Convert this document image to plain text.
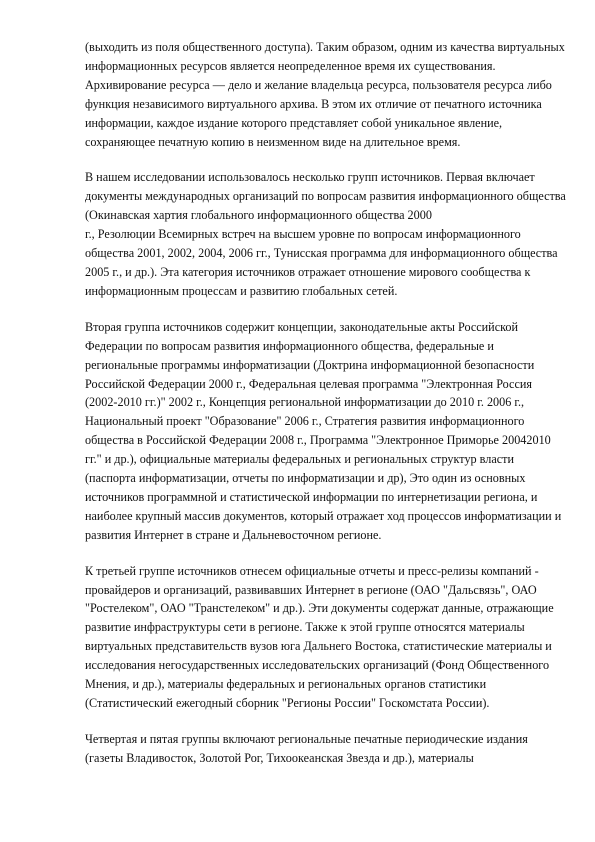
(выходить из поля общественного доступа). Таким образом, одним из качества виртуальных
информационных ресурсов является неопределенное время их существования.
Архивирование ресурса — дело и желание владельца ресурса, пользователя ресурса либо
функция независимого виртуального архива. В этом их отличие от печатного источника
информации, каждое издание которого представляет собой уникальное явление,
сохраняющее печатную копию в неизменном виде на длительное время.
В нашем исследовании использовалось несколько групп источников. Первая включает
документы международных организаций по вопросам развития информационного общества
(Окинавская хартия глобального информационного общества 2000
г., Резолюции Всемирных встреч на высшем уровне по вопросам информационного
общества 2001, 2002, 2004, 2006 гг., Тунисская программа для информационного общества
2005 г., и др.). Эта категория источников отражает отношение мирового сообщества к
информационным процессам и развитию глобальных сетей.
Вторая группа источников содержит концепции, законодательные акты Российской
Федерации по вопросам развития информационного общества, федеральные и
региональные программы информатизации (Доктрина информационной безопасности
Российской Федерации 2000 г., Федеральная целевая программа "Электронная Россия
(2002-2010 гг.)" 2002 г., Концепция региональной информатизации до 2010 г. 2006 г.,
Национальный проект "Образование" 2006 г., Стратегия развития информационного
общества в Российской Федерации 2008 г., Программа "Электронное Приморье 20042010
гг." и др.), официальные материалы федеральных и региональных структур власти
(паспорта информатизации, отчеты по информатизации и др), Это один из основных
источников программной и статистической информации по интернетизации региона, и
наиболее крупный массив документов, который отражает ход процессов информатизации и
развития Интернет в стране и Дальневосточном регионе.
К третьей группе источников отнесем официальные отчеты и пресс-релизы компаний -
провайдеров и организаций, развивавших Интернет в регионе (ОАО "Дальсвязь", ОАО
"Ростелеком", ОАО "Транстелеком" и др.). Эти документы содержат данные, отражающие
развитие инфраструктуры сети в регионе. Также к этой группе относятся материалы
виртуальных представительств вузов юга Дальнего Востока, статистические материалы и
исследования негосударственных исследовательских организаций (Фонд Общественного
Мнения, и др.), материалы федеральных и региональных органов статистики
(Статистический ежегодный сборник "Регионы России" Госкомстата России).
Четвертая и пятая группы включают региональные печатные периодические издания
(газеты Владивосток, Золотой Рог, Тихоокеанская Звезда и др.), материалы
